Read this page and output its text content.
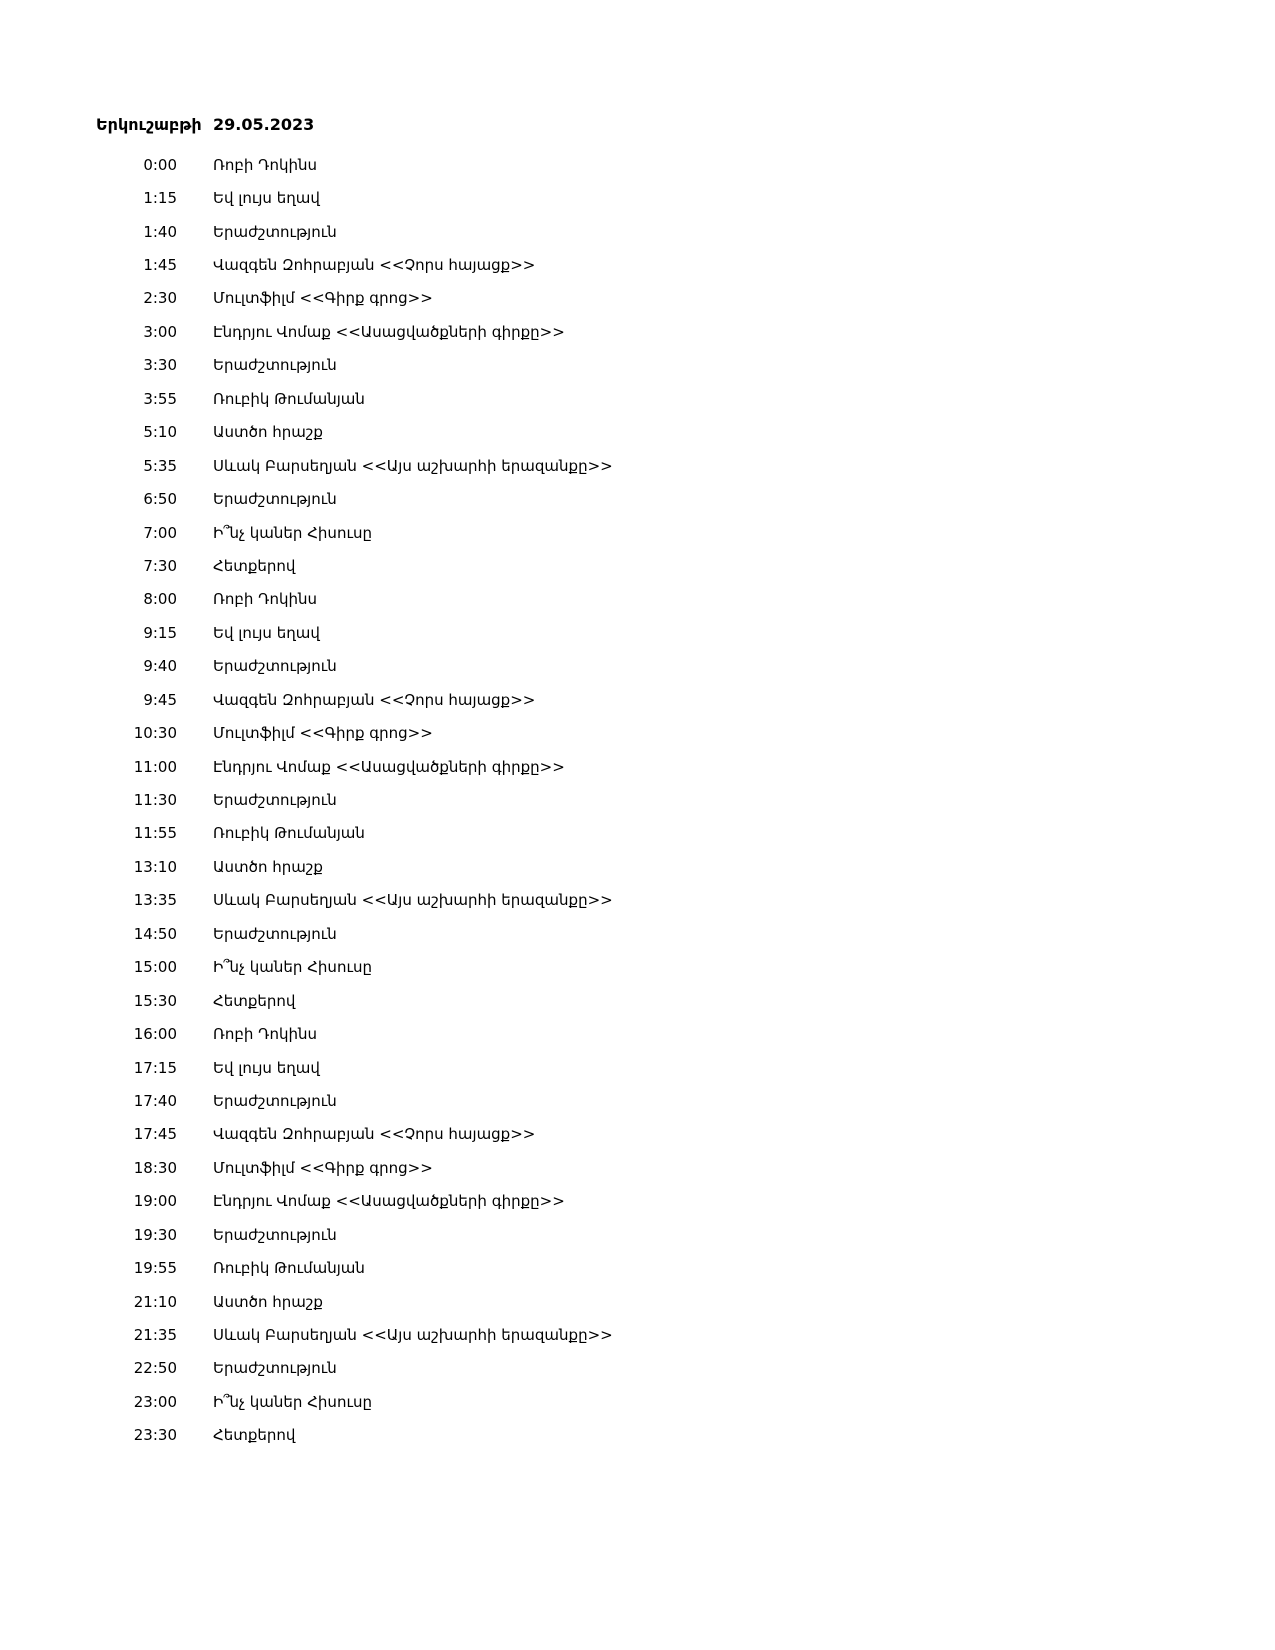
Երկուշաբթի 29.05.2023
0:00 Ռոբի Դոկինս
1:15 Եվ լույս եղավ
1:40 Երաժշտություն
1:45 Վազգեն Զոհրաբյան <<Չորս հայացք>>
2:30 Մուլտֆիլմ <<Գիրք գրոց>>
3:00 Էնդրյու Վոմաք <<Ասացվածքների գիրքը>>
3:30 Երաժշտություն
3:55 Ռուբիկ Թումանյան
5:10 Աստծո հրաշք
5:35 Սևակ Բարսեղյան <<Այս աշխարհի երազանքը>>
6:50 Երաժշտություն
7:00 Ի՞նչ կաներ Հիսուսը
7:30 Հետքերով
8:00 Ռոբի Դոկինս
9:15 Եվ լույս եղավ
9:40 Երաժշտություն
9:45 Վազգեն Զոհրաբյան <<Չորս հայացք>>
10:30 Մուլտֆիլմ <<Գիրք գրոց>>
11:00 Էնդրյու Վոմաք <<Ասացվածքների գիրքը>>
11:30 Երաժշտություն
11:55 Ռուբիկ Թումանյան
13:10 Աստծո հրաշք
13:35 Սևակ Բարսեղյան <<Այս աշխարհի երազանքը>>
14:50 Երաժշտություն
15:00 Ի՞նչ կաներ Հիսուսը
15:30 Հետքերով
16:00 Ռոբի Դոկինս
17:15 Եվ լույս եղավ
17:40 Երաժշտություն
17:45 Վազգեն Զոհրաբյան <<Չորս հայացք>>
18:30 Մուլտֆիլմ <<Գիրք գրոց>>
19:00 Էնդրյու Վոմաք <<Ասացվածքների գիրքը>>
19:30 Երաժշտություն
19:55 Ռուբիկ Թումանյան
21:10 Աստծո հրաշք
21:35 Սևակ Բարսեղյան <<Այս աշխարհի երազանքը>>
22:50 Երաժշտություն
23:00 Ի՞նչ կաներ Հիսուսը
23:30 Հետքերով
